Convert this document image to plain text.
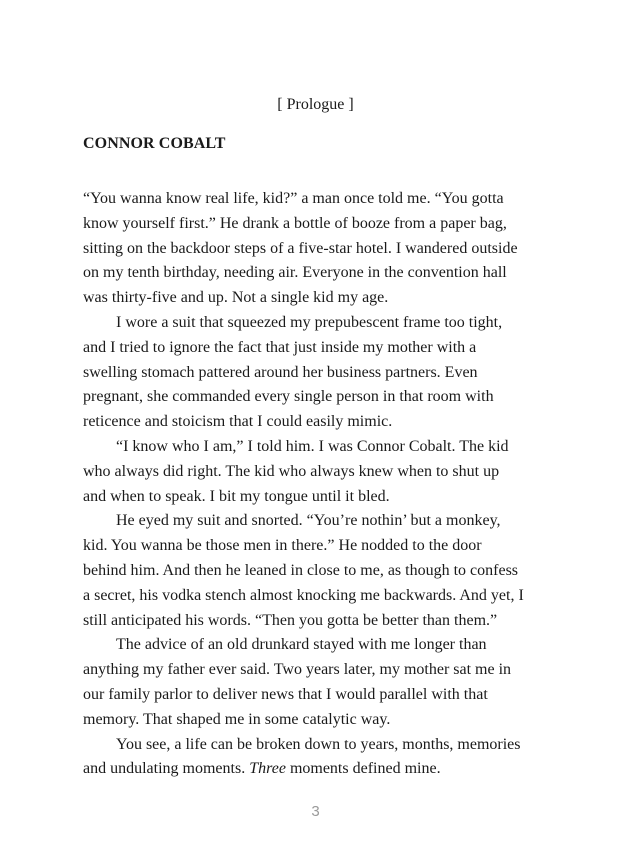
[ Prologue ]
CONNOR COBALT

“You wanna know real life, kid?” a man once told me. “You gotta
know yourself first.” He drank a bottle of booze from a paper bag,
sitting on the backdoor steps of a five-star hotel. I wandered outside
on my tenth birthday, needing air. Everyone in the convention hall
was thirty-five and up. Not a single kid my age.

I wore a suit that squeezed my prepubescent frame too tight,
and I tried to ignore the fact that just inside my mother with a
swelling stomach pattered around her business partners. Even
pregnant, she commanded every single person in that room with
reticence and stoicism that I could easily mimic.

“I know who I am,” I told him. I was Connor Cobalt. The kid
who always did right. The kid who always knew when to shut up
and when to speak. I bit my tongue until it bled.

He eyed my suit and snorted. “You’re nothin’ but a monkey,
kid. You wanna be those men in there.” He nodded to the door
behind him. And then he leaned in close to me, as though to confess
a secret, his vodka stench almost knocking me backwards. And yet, I
still anticipated his words. “Then you gotta be better than them.”

The advice of an old drunkard stayed with me longer than
anything my father ever said. Two years later, my mother sat me in
our family parlor to deliver news that I would parallel with that
memory. That shaped me in some catalytic way.

You see, a life can be broken down to years, months, memories
and undulating moments. Three moments defined mine.

3
